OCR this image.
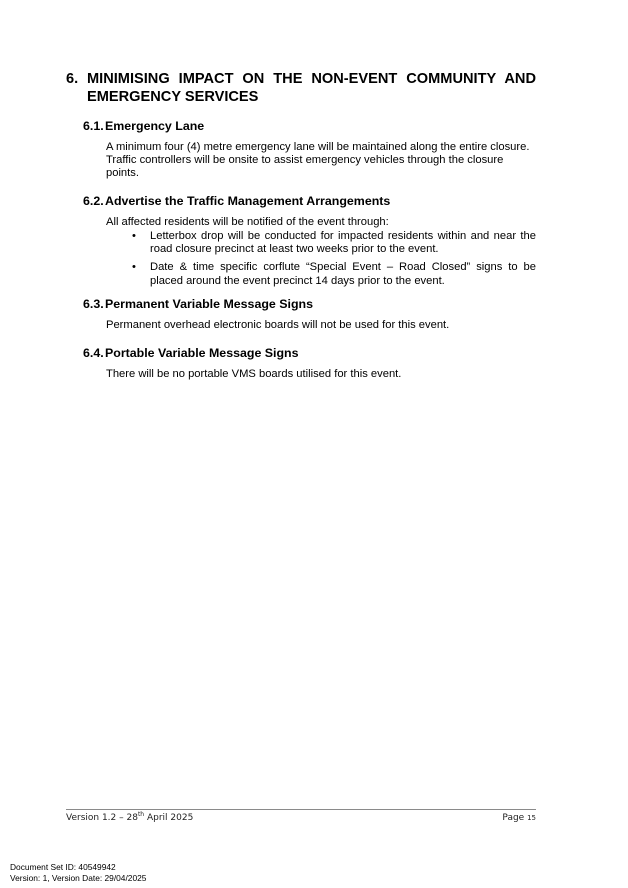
6. MINIMISING IMPACT ON THE NON-EVENT COMMUNITY AND EMERGENCY SERVICES
6.1.Emergency Lane
A minimum four (4) metre emergency lane will be maintained along the entire closure. Traffic controllers will be onsite to assist emergency vehicles through the closure points.
6.2.Advertise the Traffic Management Arrangements
All affected residents will be notified of the event through:
• Letterbox drop will be conducted for impacted residents within and near the road closure precinct at least two weeks prior to the event.
• Date & time specific corflute “Special Event – Road Closed” signs to be placed around the event precinct 14 days prior to the event.
6.3.Permanent Variable Message Signs
Permanent overhead electronic boards will not be used for this event.
6.4.Portable Variable Message Signs
There will be no portable VMS boards utilised for this event.
Version 1.2 – 28th April 2025	Page 15
Document Set ID: 40549942
Version: 1, Version Date: 29/04/2025
